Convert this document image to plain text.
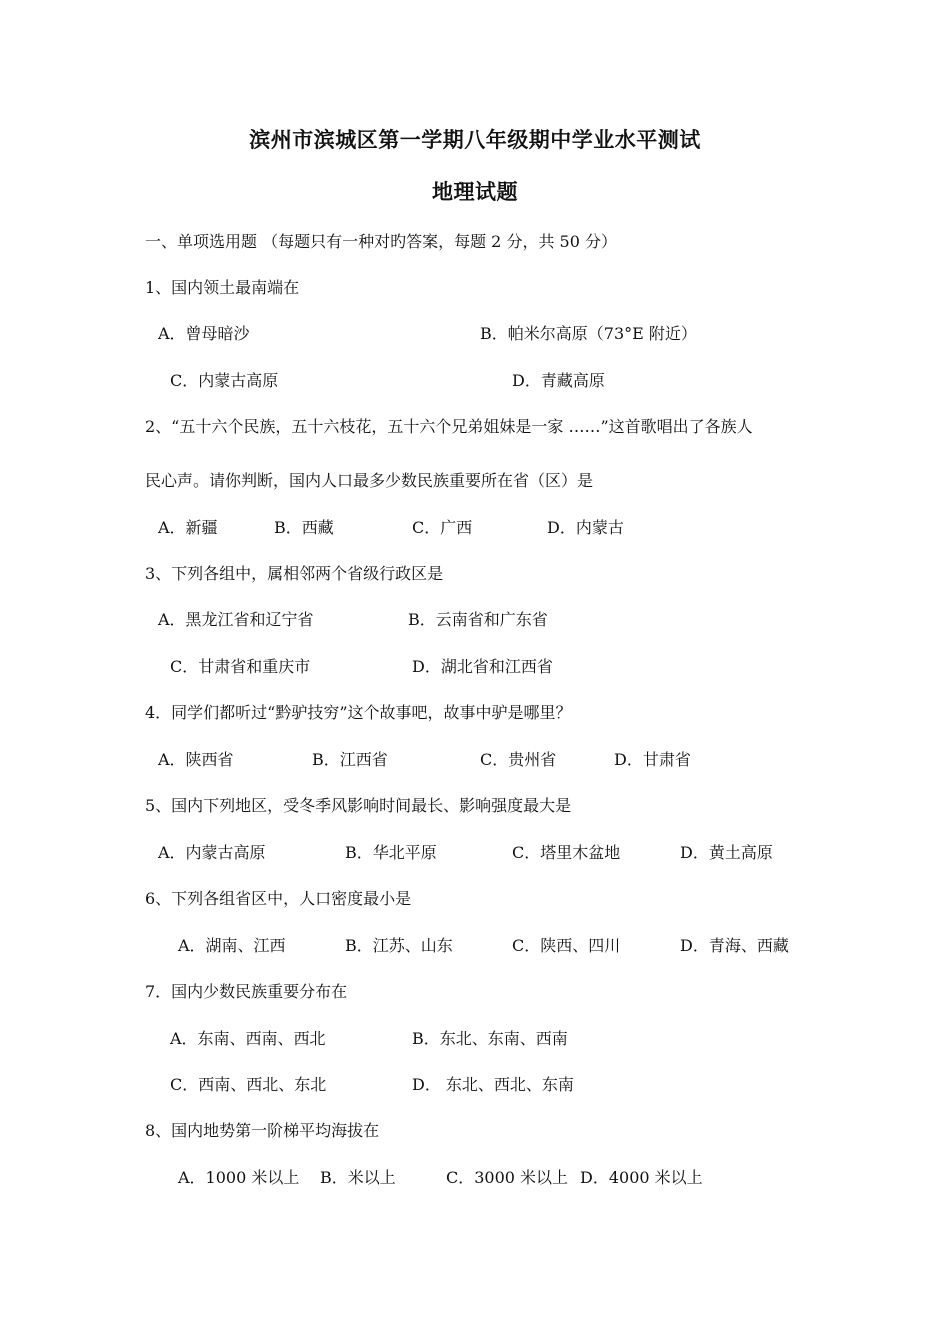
滨州市滨城区第一学期八年级期中学业水平测试
地理试题
一、单项选用题 （每题只有一种对旳答案，每题 2 分，共 50 分）
1、国内领土最南端在
A．曾母暗沙	B．帕米尔高原（73°E 附近）
C．内蒙古高原	D．青藏高原
2、“五十六个民族，五十六枝花，五十六个兄弟姐妹是一家 ……”这首歌唱出了各族人
民心声。请你判断，国内人口最多少数民族重要所在省（区）是
A．新疆	B．西藏	C．广西	D．内蒙古
3、下列各组中，属相邻两个省级行政区是
A．黑龙江省和辽宁省	B．云南省和广东省
C．甘肃省和重庆市	D．湖北省和江西省
4．同学们都听过“黔驴技穷”这个故事吧，故事中驴是哪里？
A．陕西省	B．江西省	C．贵州省	D．甘肃省
5、国内下列地区，受冬季风影响时间最长、影响强度最大是
A．内蒙古高原	B．华北平原	C．塔里木盆地	D．黄土高原
6、下列各组省区中，人口密度最小是
A．湖南、江西	B．江苏、山东	C．陕西、四川	D．青海、西藏
7．国内少数民族重要分布在
A．东南、西南、西北	B．东北、东南、西南
C．西南、西北、东北	D． 东北、西北、东南
8、国内地势第一阶梯平均海拔在
A．1000 米以上 B．米以上	C．3000 米以上 D．4000 米以上
